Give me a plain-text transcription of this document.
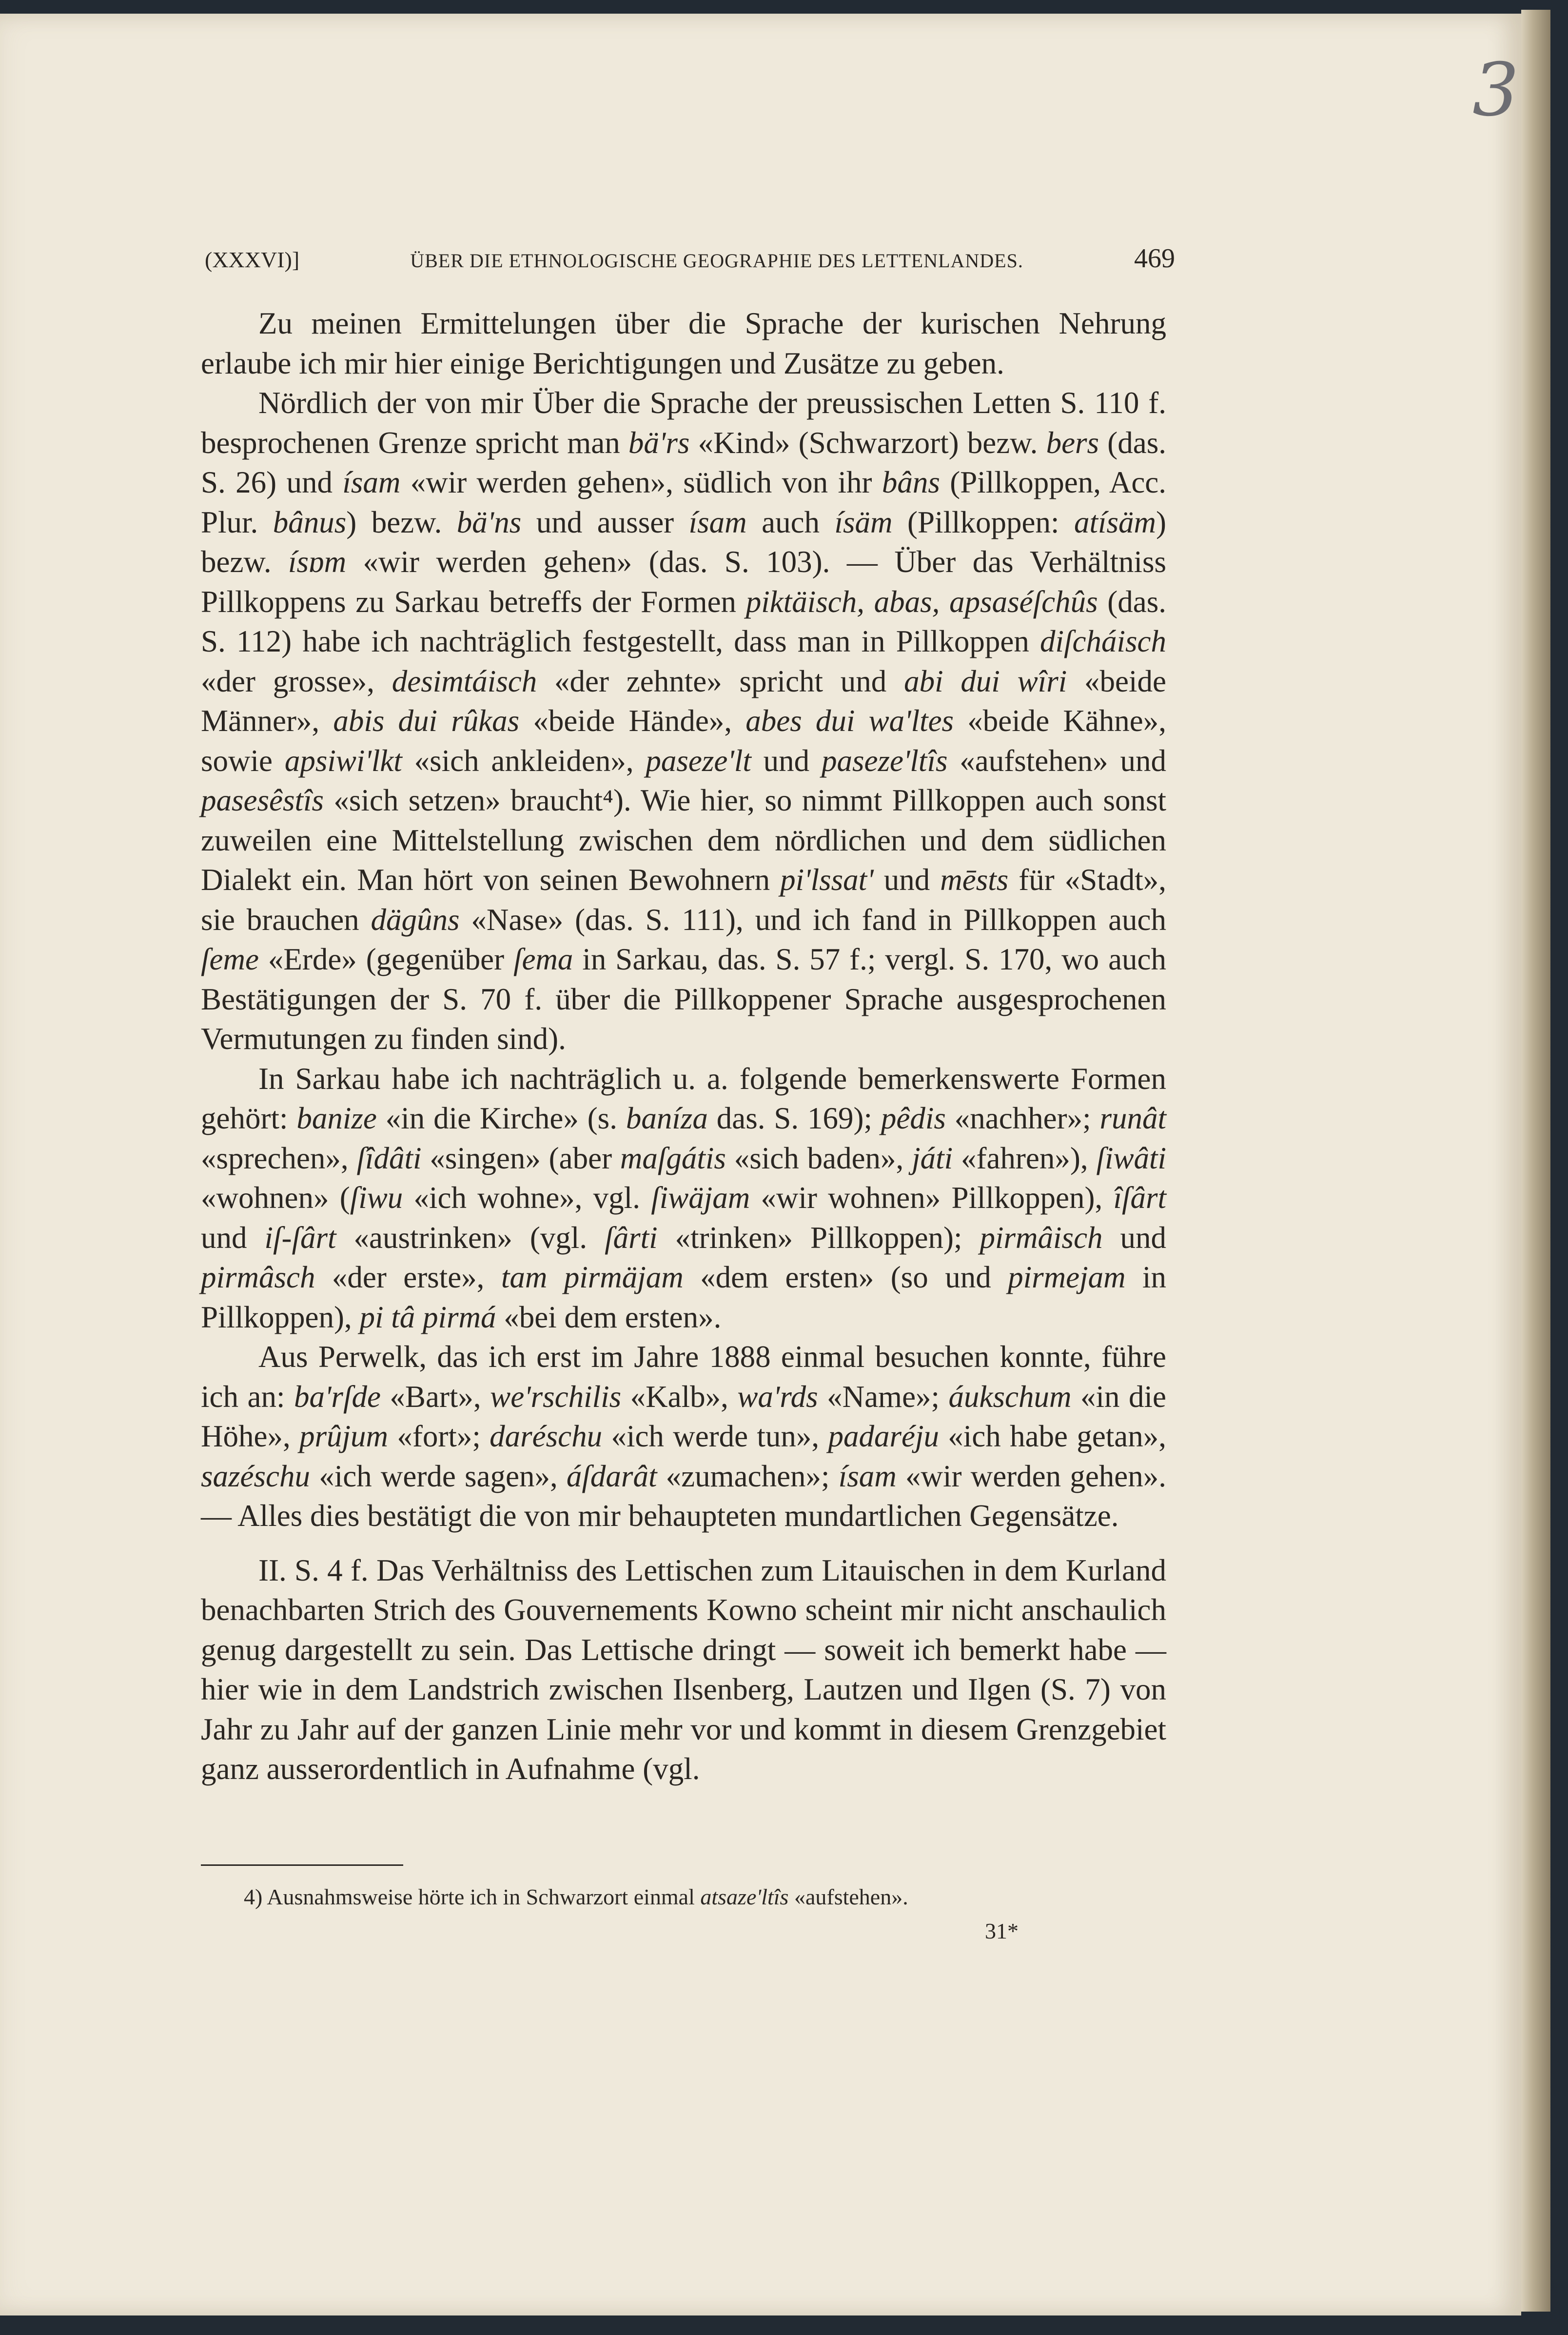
3
(XXXVI)]	ÜBER DIE ETHNOLOGISCHE GEOGRAPHIE DES LETTENLANDES.	469

Zu meinen Ermittelungen über die Sprache der kurischen Nehrung erlaube ich mir hier einige Berichtigungen und Zusätze zu geben.

Nördlich der von mir Über die Sprache der preussischen Letten S. 110 f. besprochenen Grenze spricht man bä'rs «Kind» (Schwarzort) bezw. bers (das. S. 26) und ísam «wir werden gehen», südlich von ihr bâns (Pillkoppen, Acc. Plur. bânus) bezw. bä'ns und ausser ísam auch ísäm (Pillkoppen: atísäm) bezw. ísɒm «wir werden gehen» (das. S. 103). — Über das Verhältniss Pillkoppens zu Sarkau betreffs der Formen piktäisch, abas, apsaséſchûs (das. S. 112) habe ich nachträglich festgestellt, dass man in Pillkoppen diſcháisch «der grosse», desimtáisch «der zehnte» spricht und abi dui wîri «beide Männer», abis dui rûkas «beide Hände», abes dui wa'ltes «beide Kähne», sowie apsiwi'lkt «sich ankleiden», paseze'lt und paseze'ltîs «aufstehen» und pasesêstîs «sich setzen» braucht⁴). Wie hier, so nimmt Pillkoppen auch sonst zuweilen eine Mittelstellung zwischen dem nördlichen und dem südlichen Dialekt ein. Man hört von seinen Bewohnern pi'lssat' und mēsts für «Stadt», sie brauchen dägûns «Nase» (das. S. 111), und ich fand in Pillkoppen auch ſeme «Erde» (gegenüber ſema in Sarkau, das. S. 57 f.; vergl. S. 170, wo auch Bestätigungen der S. 70 f. über die Pillkoppener Sprache ausgesprochenen Vermutungen zu finden sind).

In Sarkau habe ich nachträglich u. a. folgende bemerkenswerte Formen gehört: banize «in die Kirche» (s. baníza das. S. 169); pêdis «nachher»; runât «sprechen», ſîdâti «singen» (aber maſgátis «sich baden», játi «fahren»), ſiwâti «wohnen» (ſiwu «ich wohne», vgl. ſiwäjam «wir wohnen» Pillkoppen), îſârt und iſ-ſârt «austrinken» (vgl. ſârti «trinken» Pillkoppen); pirmâisch und pirmâsch «der erste», tam pirmäjam «dem ersten» (so und pirmejam in Pillkoppen), pi tâ pirmá «bei dem ersten».

Aus Perwelk, das ich erst im Jahre 1888 einmal besuchen konnte, führe ich an: ba'rſde «Bart», we'rschilis «Kalb», wa'rds «Name»; áukschum «in die Höhe», prûjum «fort»; daréschu «ich werde tun», padaréju «ich habe getan», sazéschu «ich werde sagen», áſdarât «zumachen»; ísam «wir werden gehen». — Alles dies bestätigt die von mir behaupteten mundartlichen Gegensätze.

II. S. 4 f. Das Verhältniss des Lettischen zum Litauischen in dem Kurland benachbarten Strich des Gouvernements Kowno scheint mir nicht anschaulich genug dargestellt zu sein. Das Lettische dringt — soweit ich bemerkt habe — hier wie in dem Landstrich zwischen Ilsenberg, Lautzen und Ilgen (S. 7) von Jahr zu Jahr auf der ganzen Linie mehr vor und kommt in diesem Grenzgebiet ganz ausserordentlich in Aufnahme (vgl.

4) Ausnahmsweise hörte ich in Schwarzort einmal atsaze'ltîs «aufstehen».
31*
